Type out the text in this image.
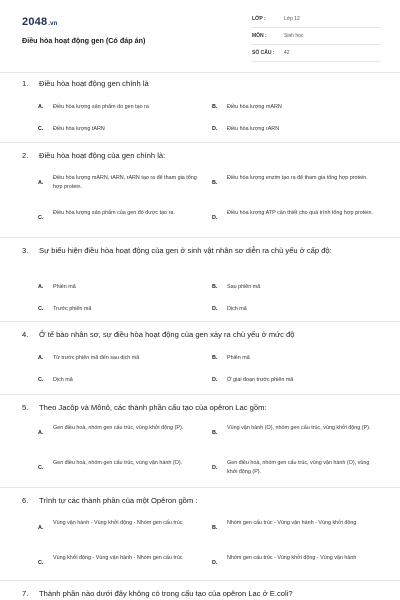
2048.vn
Điều hòa hoạt động gen (Có đáp án)
LỚP :	Lớp 12
MÔN :	Sinh học
SỐ CÂU : 42
1. Điều hòa hoạt động gen chính là
A. Điều hòa lượng sản phẩm do gen tạo ra	B. Điều hòa lượng mARN
C. Điều hòa lượng tARN	D. Điều hòa lượng rARN
2. Điều hòa hoạt động của gen chính là:
A.
Điều hòa lượng mARN, tARN, rARN tạo ra để tham gia tổng hợp protein.
B.
Điều hòa lượng enzim tạo ra để tham gia tổng hợp protein.
C.
Điều hòa lượng sản phẩm của gen đó được tạo ra.
D.
Điều hòa lượng ATP cần thiết cho quá trình tổng hợp protein.
3. Sự biểu hiện điều hòa hoạt động của gen ở sinh vật nhân sơ diễn ra chủ yếu ở cấp độ:
A. Phiên mã	B. Sau phiên mã
C. Trước phiên mã	D. Dịch mã
4. Ở tế bào nhân sơ, sự điều hòa hoạt động của gen xảy ra chủ yếu ở mức độ
A. Từ trước phiên mã đến sau dịch mã	B. Phiên mã
C. Dịch mã	D. Ở giai đoạn trước phiên mã
5. Theo Jacôp và Mônô, các thành phần cấu tạo của opêron Lac gồm:
A.
Gen điều hoà, nhóm gen cấu trúc, vùng khởi động (P).
B.
Vùng vận hành (O), nhóm gen cấu trúc, vùng khởi động (P).
C.
Gen điều hoà, nhóm gen cấu trúc, vùng vận hành (O).
D.
Gen điều hoà, nhóm gen cấu trúc, vùng vận hành (O), vùng khởi động (P).
6. Trình tự các thành phần của một Opêron gồm :
A.
Vùng vận hành - Vùng khởi động - Nhóm gen cấu trúc
B.
Nhóm gen cấu trúc - Vùng vận hành - Vùng khởi động
C.
Vùng khởi động - Vùng vận hành - Nhóm gen cấu trúc
D.
Nhóm gen cấu trúc - Vùng khởi động - Vùng vận hành
7. Thành phần nào dưới đây không có trong cấu tạo của opêron Lac ở E.coli?
